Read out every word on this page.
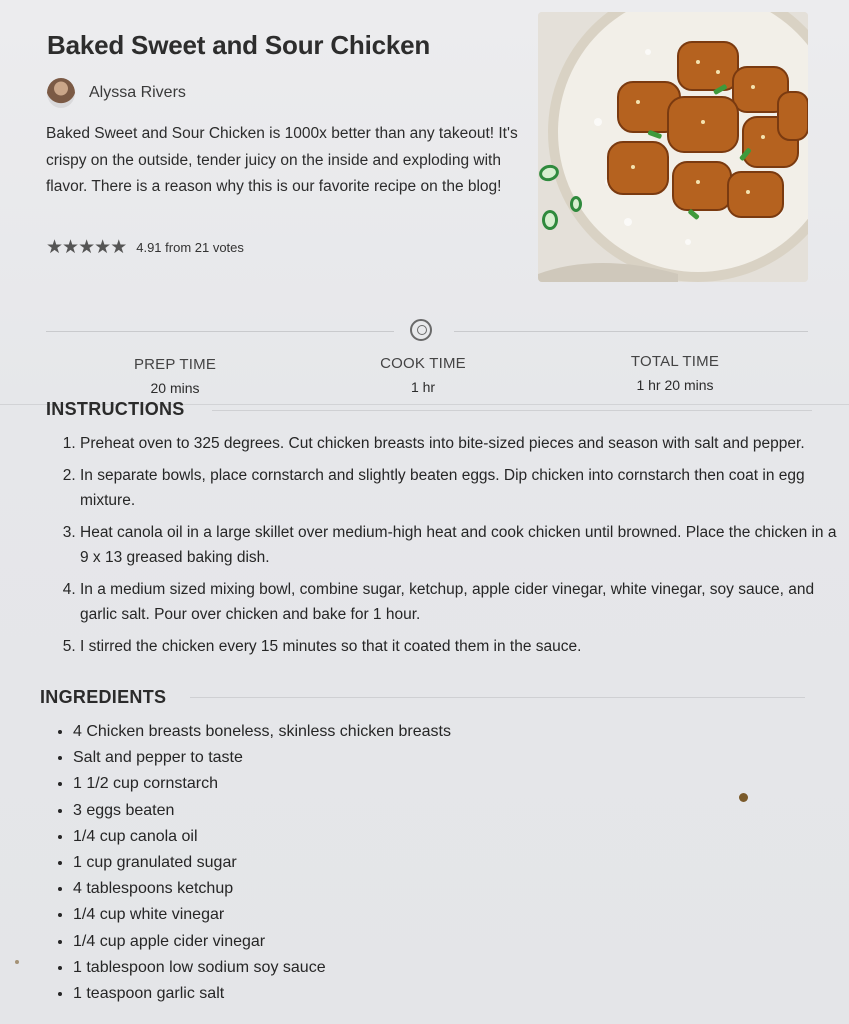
Baked Sweet and Sour Chicken
Alyssa Rivers

Baked Sweet and Sour Chicken is 1000x better than any takeout! It's crispy on the outside, tender juicy on the inside and exploding with flavor. There is a reason why this is our favorite recipe on the blog!

★★★★★ 4.91 from 21 votes
PREP TIME
20 mins
COOK TIME
1 hr
TOTAL TIME
1 hr 20 mins
INSTRUCTIONS
1. Preheat oven to 325 degrees. Cut chicken breasts into bite-sized pieces and season with salt and pepper.
2. In separate bowls, place cornstarch and slightly beaten eggs. Dip chicken into cornstarch then coat in egg mixture.
3. Heat canola oil in a large skillet over medium-high heat and cook chicken until browned. Place the chicken in a 9 x 13 greased baking dish.
4. In a medium sized mixing bowl, combine sugar, ketchup, apple cider vinegar, white vinegar, soy sauce, and garlic salt. Pour over chicken and bake for 1 hour.
5. I stirred the chicken every 15 minutes so that it coated them in the sauce.
INGREDIENTS
• 4 Chicken breasts boneless, skinless chicken breasts
• Salt and pepper to taste
• 1 1/2 cup cornstarch
• 3 eggs beaten
• 1/4 cup canola oil
• 1 cup granulated sugar
• 4 tablespoons ketchup
• 1/4 cup white vinegar
• 1/4 cup apple cider vinegar
• 1 tablespoon low sodium soy sauce
• 1 teaspoon garlic salt
